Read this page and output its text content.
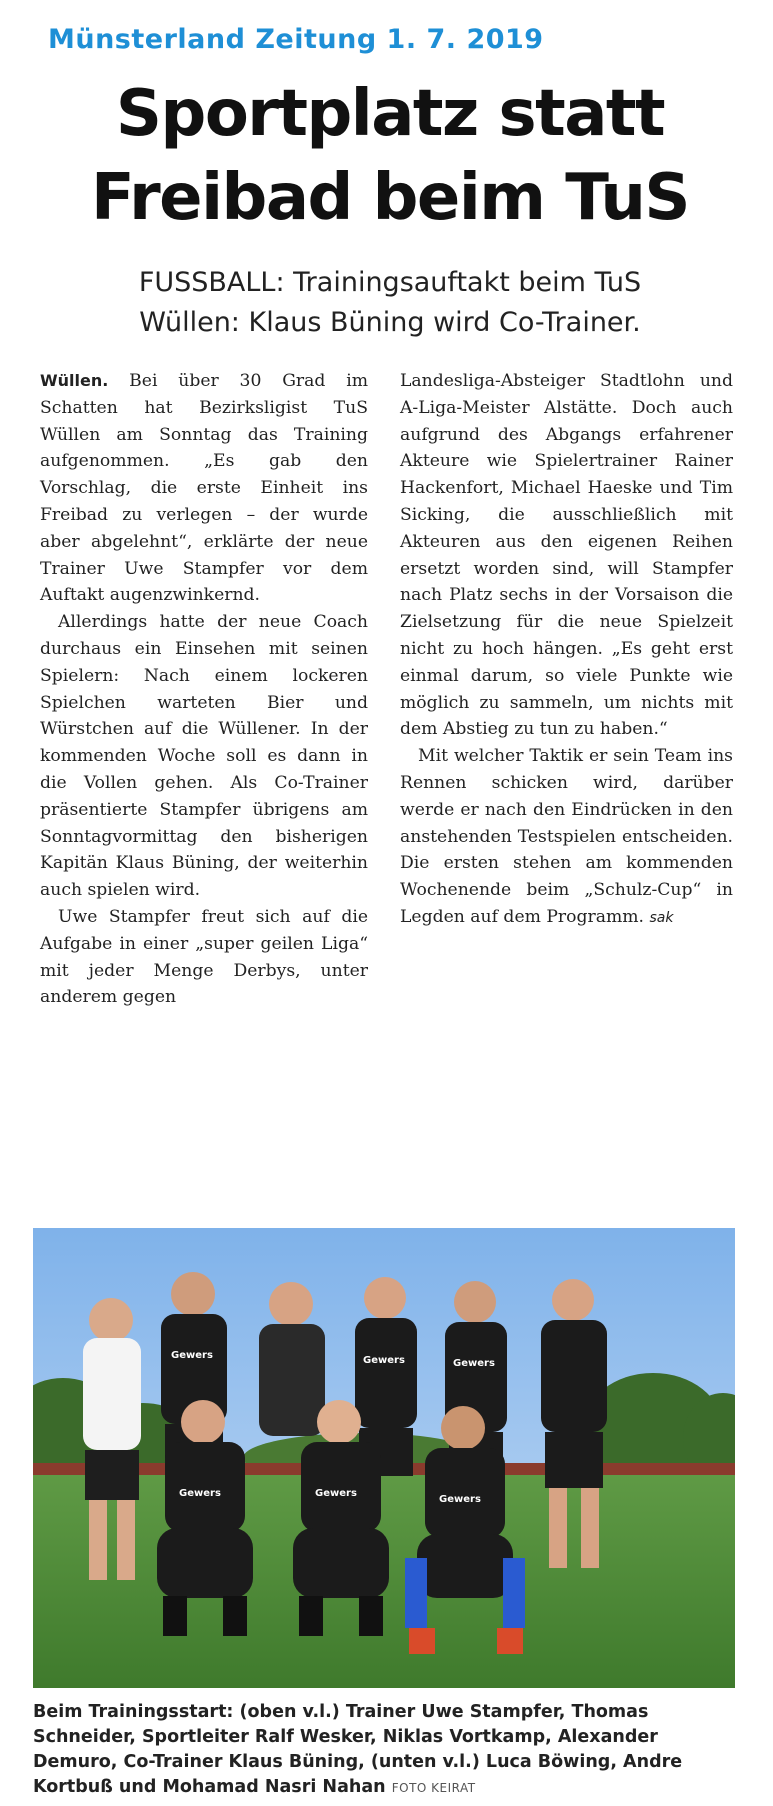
Münsterland Zeitung 1. 7. 2019
Sportplatz statt
Freibad beim TuS
FUSSBALL: Trainingsauftakt beim TuS
Wüllen: Klaus Büning wird Co-Trainer.

Wüllen. Bei über 30 Grad im Schatten hat Bezirksligist TuS Wüllen am Sonntag das Training aufgenommen. „Es gab den Vorschlag, die erste Einheit ins Freibad zu verlegen – der wurde aber abgelehnt“, erklärte der neue Trainer Uwe Stampfer vor dem Auftakt augenzwinkernd.

Allerdings hatte der neue Coach durchaus ein Einsehen mit seinen Spielern: Nach einem lockeren Spielchen warteten Bier und Würstchen auf die Wüllener. In der kommenden Woche soll es dann in die Vollen gehen. Als Co-Trainer präsentierte Stampfer übrigens am Sonntagvormittag den bisherigen Kapitän Klaus Büning, der weiterhin auch spielen wird.

Uwe Stampfer freut sich auf die Aufgabe in einer „super geilen Liga“ mit jeder Menge Derbys, unter anderem gegen

Landesliga-Absteiger Stadtlohn und A-Liga-Meister Alstätte. Doch auch aufgrund des Abgangs erfahrener Akteure wie Spielertrainer Rainer Hackenfort, Michael Haeske und Tim Sicking, die ausschließlich mit Akteuren aus den eigenen Reihen ersetzt worden sind, will Stampfer nach Platz sechs in der Vorsaison die Zielsetzung für die neue Spielzeit nicht zu hoch hängen. „Es geht erst einmal darum, so viele Punkte wie möglich zu sammeln, um nichts mit dem Abstieg zu tun zu haben.“

Mit welcher Taktik er sein Team ins Rennen schicken wird, darüber werde er nach den Eindrücken in den anstehenden Testspielen entscheiden. Die ersten stehen am kommenden Wochenende beim „Schulz-Cup“ in Legden auf dem Programm. sak

Gewers	Gewers	Gewers
Gewers	Gewers
Gewers
Beim Trainingsstart: (oben v.l.) Trainer Uwe Stampfer, Thomas Schneider, Sportleiter Ralf Wesker, Niklas Vortkamp, Alexander Demuro, Co-Trainer Klaus Büning, (unten v.l.) Luca Böwing, Andre Kortbuß und Mohamad Nasri Nahan FOTO KEIRAT
